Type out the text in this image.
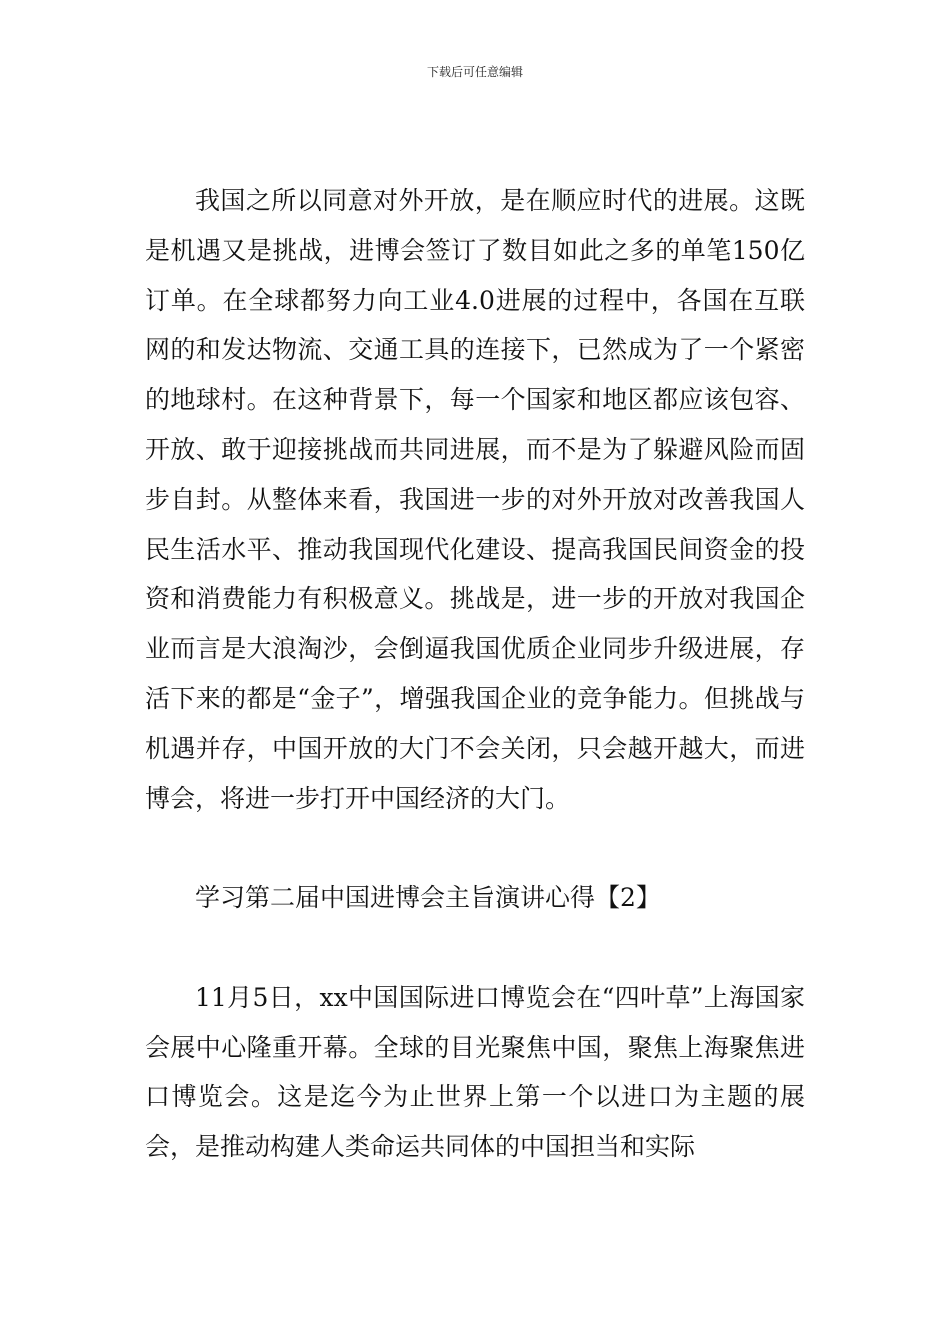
下载后可任意编辑

我国之所以同意对外开放，是在顺应时代的进展。这既是机遇又是挑战，进博会签订了数目如此之多的单笔150亿订单。在全球都努力向工业4.0进展的过程中，各国在互联网的和发达物流、交通工具的连接下，已然成为了一个紧密的地球村。在这种背景下，每一个国家和地区都应该包容、开放、敢于迎接挑战而共同进展，而不是为了躲避风险而固步自封。从整体来看，我国进一步的对外开放对改善我国人民生活水平、推动我国现代化建设、提高我国民间资金的投资和消费能力有积极意义。挑战是，进一步的开放对我国企业而言是大浪淘沙，会倒逼我国优质企业同步升级进展，存活下来的都是“金子”，增强我国企业的竞争能力。但挑战与机遇并存，中国开放的大门不会关闭，只会越开越大，而进博会，将进一步打开中国经济的大门。

学习第二届中国进博会主旨演讲心得【2】

11月5日，xx中国国际进口博览会在“四叶草”上海国家会展中心隆重开幕。全球的目光聚焦中国，聚焦上海聚焦进口博览会。这是迄今为止世界上第一个以进口为主题的展会，是推动构建人类命运共同体的中国担当和实际
